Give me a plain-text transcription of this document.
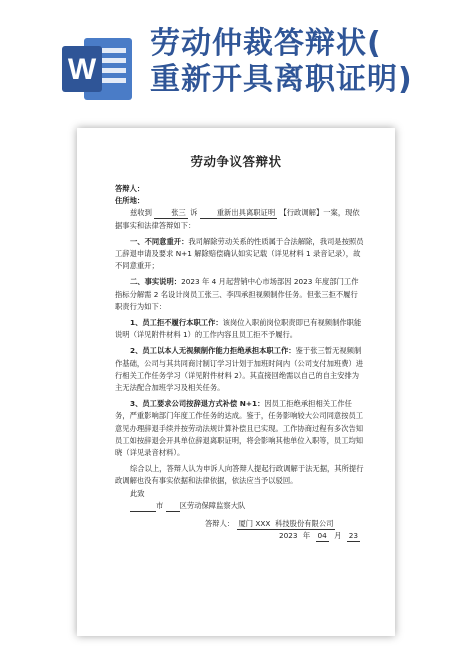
W
劳动仲裁答辩状(
重新开具离职证明)
劳动争议答辩状

答辩人：

住所地：

兹收到	张三 诉	重新出具离职证明 【行政调解】一案，现依据事实和法律答辩如下：

一、不同意重开：我司解除劳动关系的性质属于合法解除，我司是按照员工辞退申请及要求 N+1 解除赔偿确认如实记载（详见材料 1 录音记录），故不同意重开；

二、事实说明：2023 年 4 月起营销中心市场部因 2023 年度部门工作指标分解需 2 名设计岗员工张三、李四承担视频制作任务。但张三拒不履行职责行为如下：

1、员工拒不履行本职工作：该岗位入职前岗位职责即已有视频制作职能说明（详见附件材料 1）的工作内容且员工拒不予履行。

2、员工以本人无视频制作能力拒绝承担本职工作：鉴于张三暂无视频制作基础，公司与其共同商讨制订学习计划于加班时间内（公司支付加班费）进行相关工作任务学习（详见附件材料 2）。其直接回绝需以自己的自主安排为主无法配合加班学习及相关任务。

3、员工要求公司按辞退方式补偿 N+1：因员工拒绝承担相关工作任务，严重影响部门年度工作任务的达成。鉴于，任务影响较大公司同意按员工意见办理辞退手续并按劳动法规计算补偿且已实现。工作协商过程有多次告知员工如按辞退会开具单位辞退离职证明，将会影响其他单位入职等，员工均知晓（详见录音材料）。

综合以上，答辩人认为申诉人向答辩人提起行政调解于法无据，其所提行政调解也没有事实依据和法律依据，依法应当予以驳回。

此致

市 区劳动保障监察大队

答辩人： 厦门 XXX 科技股份有限公司

2023 年 04 月 23
